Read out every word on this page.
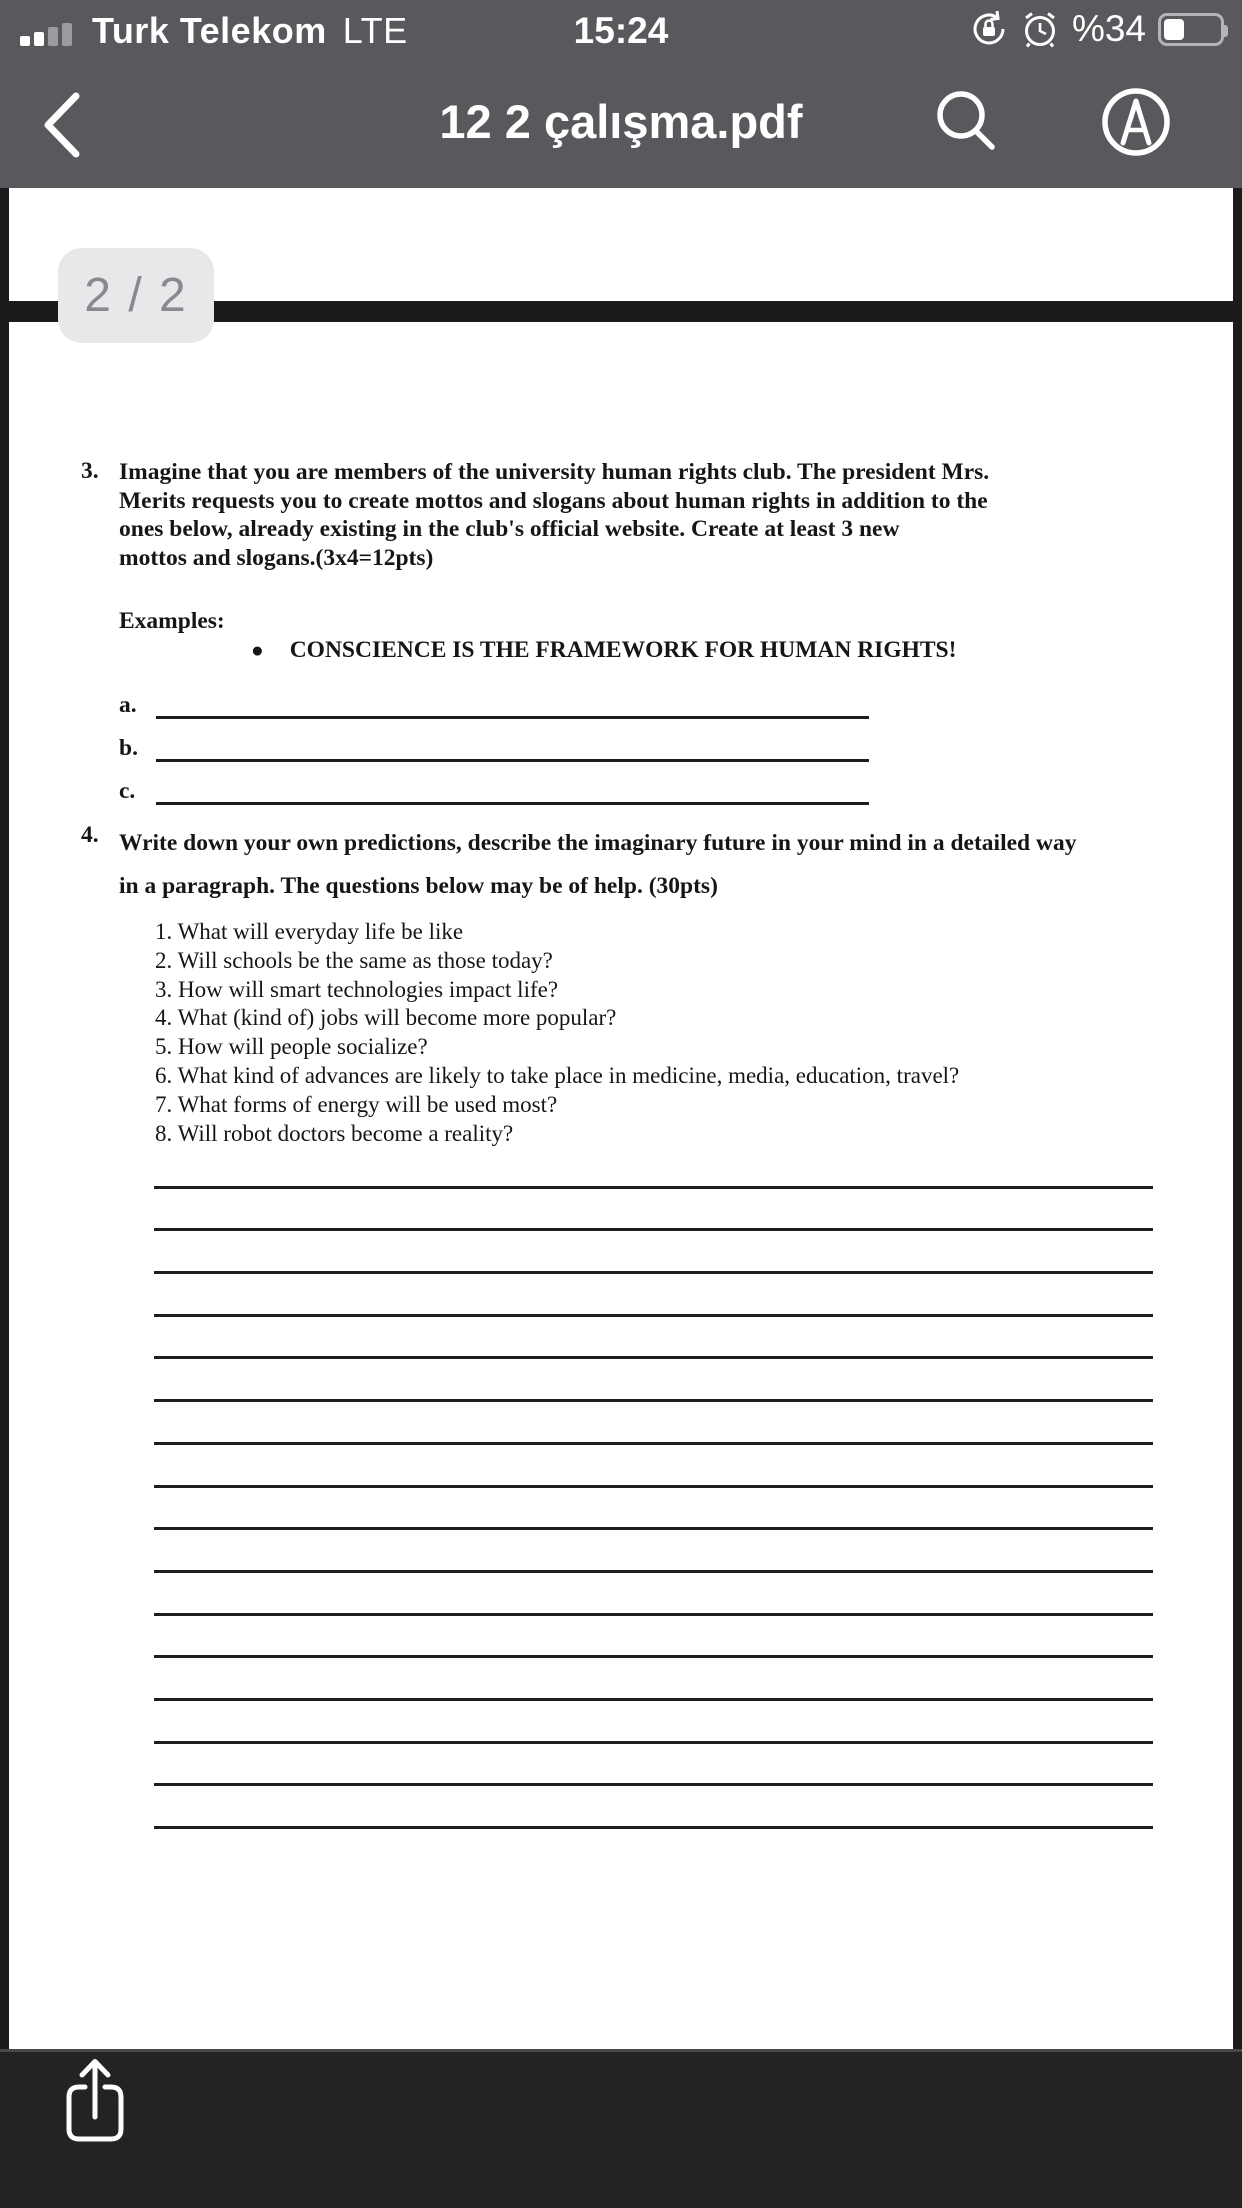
Turk Telekom LTE	15:24	%34
12 2 çalışma.pdf
2 / 2
3. Imagine that you are members of the university human rights club. The president Mrs.
Merits requests you to create mottos and slogans about human rights in addition to the
ones below, already existing in the club's official website. Create at least 3 new
mottos and slogans.(3x4=12pts)

Examples:
● CONSCIENCE IS THE FRAMEWORK FOR HUMAN RIGHTS!
a.
b.
c.
4. Write down your own predictions, describe the imaginary future in your mind in a detailed way
in a paragraph. The questions below may be of help. (30pts)

1. What will everyday life be like
2. Will schools be the same as those today?
3. How will smart technologies impact life?
4. What (kind of) jobs will become more popular?
5. How will people socialize?
6. What kind of advances are likely to take place in medicine, media, education, travel?
7. What forms of energy will be used most?
8. Will robot doctors become a reality?
